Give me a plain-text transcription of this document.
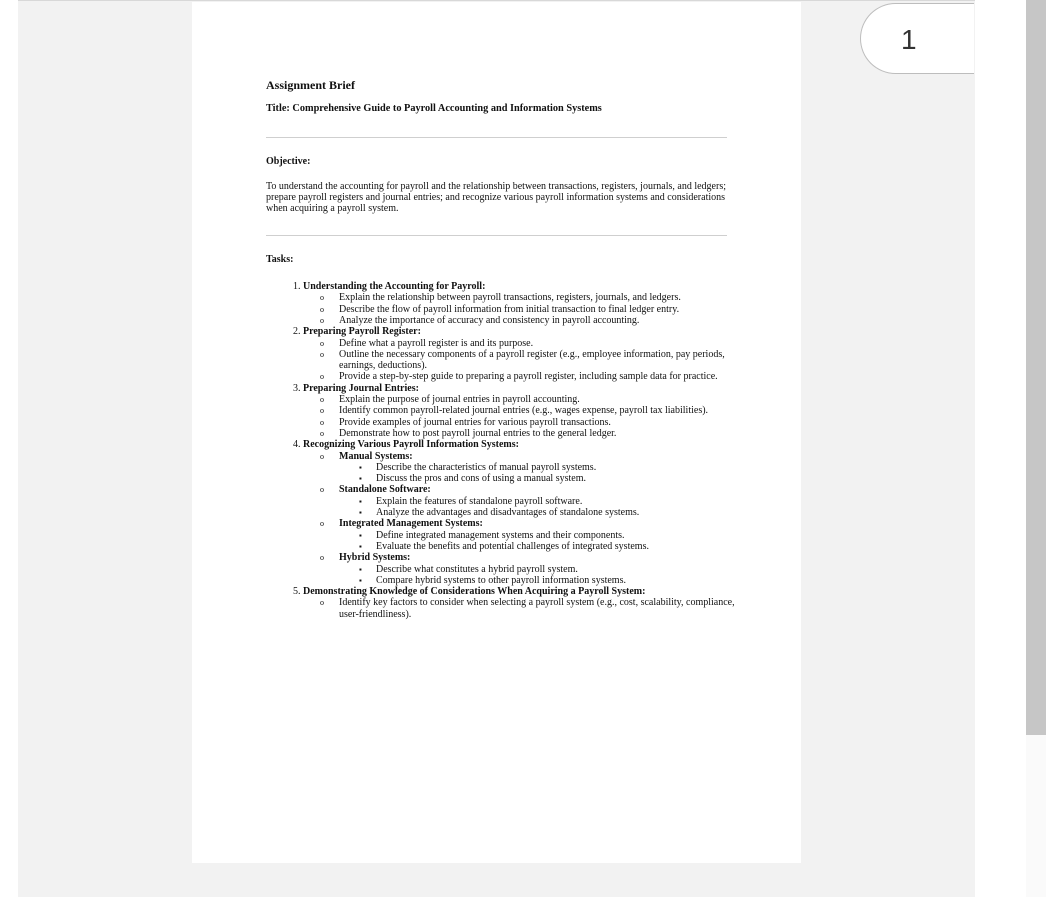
Assignment Brief
Title: Comprehensive Guide to Payroll Accounting and Information Systems
Objective:
To understand the accounting for payroll and the relationship between transactions, registers, journals, and ledgers; prepare payroll registers and journal entries; and recognize various payroll information systems and considerations when acquiring a payroll system.
Tasks:
1. Understanding the Accounting for Payroll:
o Explain the relationship between payroll transactions, registers, journals, and ledgers.
o Describe the flow of payroll information from initial transaction to final ledger entry.
o Analyze the importance of accuracy and consistency in payroll accounting.
2. Preparing Payroll Register:
o Define what a payroll register is and its purpose.
o Outline the necessary components of a payroll register (e.g., employee information, pay periods, earnings, deductions).
o Provide a step-by-step guide to preparing a payroll register, including sample data for practice.
3. Preparing Journal Entries:
o Explain the purpose of journal entries in payroll accounting.
o Identify common payroll-related journal entries (e.g., wages expense, payroll tax liabilities).
o Provide examples of journal entries for various payroll transactions.
o Demonstrate how to post payroll journal entries to the general ledger.
4. Recognizing Various Payroll Information Systems:
o Manual Systems:
▪ Describe the characteristics of manual payroll systems.
▪ Discuss the pros and cons of using a manual system.
o Standalone Software:
▪ Explain the features of standalone payroll software.
▪ Analyze the advantages and disadvantages of standalone systems.
o Integrated Management Systems:
▪ Define integrated management systems and their components.
▪ Evaluate the benefits and potential challenges of integrated systems.
o Hybrid Systems:
▪ Describe what constitutes a hybrid payroll system.
▪ Compare hybrid systems to other payroll information systems.
5. Demonstrating Knowledge of Considerations When Acquiring a Payroll System:
o Identify key factors to consider when selecting a payroll system (e.g., cost, scalability, compliance, user-friendliness).
1
